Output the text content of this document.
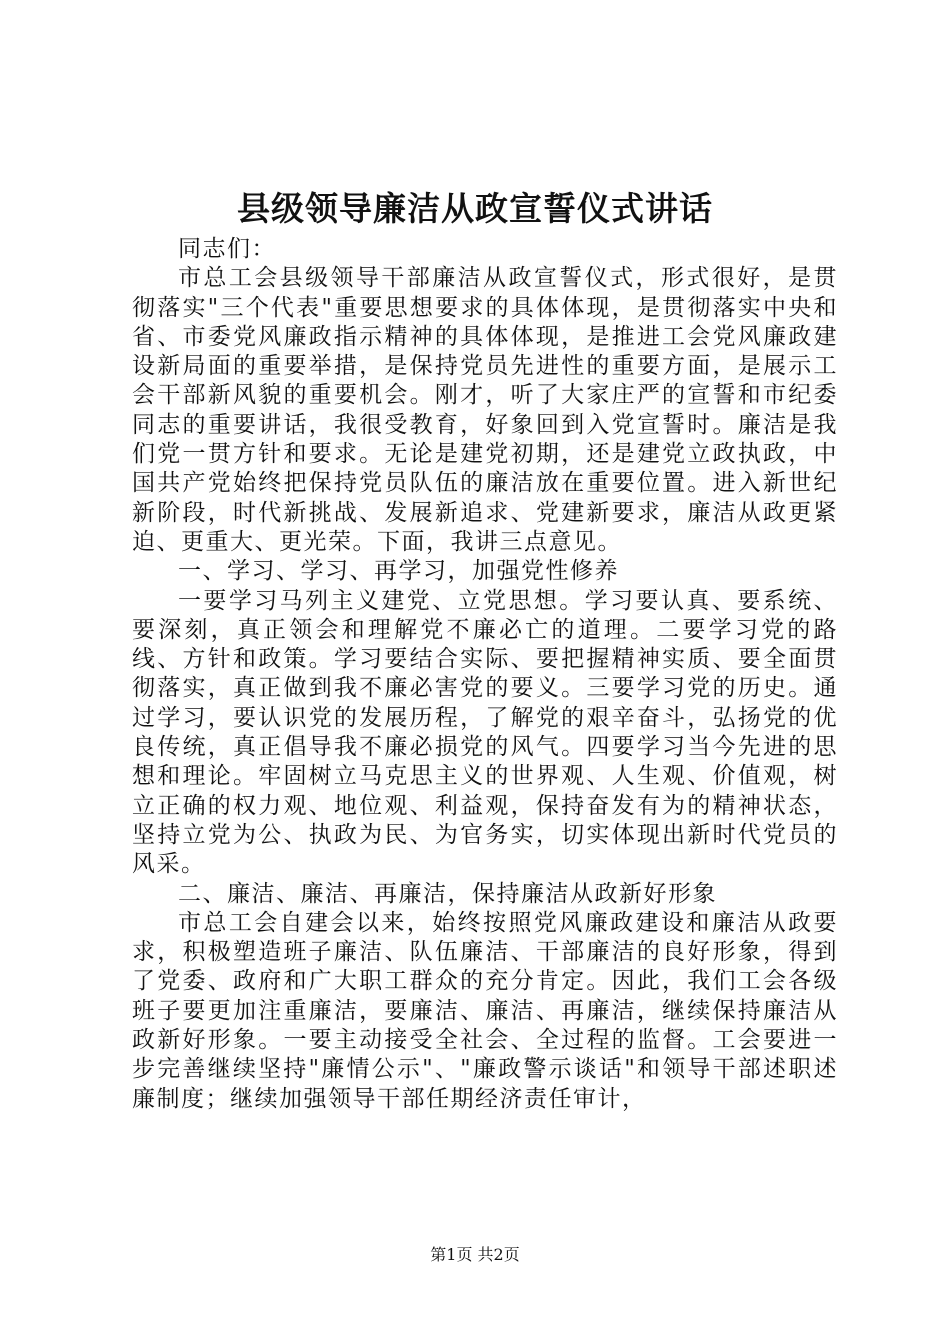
县级领导廉洁从政宣誓仪式讲话

同志们：

市总工会县级领导干部廉洁从政宣誓仪式，形式很好，是贯彻落实"三个代表"重要思想要求的具体体现，是贯彻落实中央和省、市委党风廉政指示精神的具体体现，是推进工会党风廉政建设新局面的重要举措，是保持党员先进性的重要方面，是展示工会干部新风貌的重要机会。刚才，听了大家庄严的宣誓和市纪委同志的重要讲话，我很受教育，好象回到入党宣誓时。廉洁是我们党一贯方针和要求。无论是建党初期，还是建党立政执政，中国共产党始终把保持党员队伍的廉洁放在重要位置。进入新世纪新阶段，时代新挑战、发展新追求、党建新要求，廉洁从政更紧迫、更重大、更光荣。下面，我讲三点意见。

一、学习、学习、再学习，加强党性修养

一要学习马列主义建党、立党思想。学习要认真、要系统、要深刻，真正领会和理解党不廉必亡的道理。二要学习党的路线、方针和政策。学习要结合实际、要把握精神实质、要全面贯彻落实，真正做到我不廉必害党的要义。三要学习党的历史。通过学习，要认识党的发展历程，了解党的艰辛奋斗，弘扬党的优良传统，真正倡导我不廉必损党的风气。四要学习当今先进的思想和理论。牢固树立马克思主义的世界观、人生观、价值观，树立正确的权力观、地位观、利益观，保持奋发有为的精神状态，坚持立党为公、执政为民、为官务实，切实体现出新时代党员的风采。

二、廉洁、廉洁、再廉洁，保持廉洁从政新好形象

市总工会自建会以来，始终按照党风廉政建设和廉洁从政要求，积极塑造班子廉洁、队伍廉洁、干部廉洁的良好形象，得到了党委、政府和广大职工群众的充分肯定。因此，我们工会各级班子要更加注重廉洁，要廉洁、廉洁、再廉洁，继续保持廉洁从政新好形象。一要主动接受全社会、全过程的监督。工会要进一步完善继续坚持"廉情公示"、"廉政警示谈话"和领导干部述职述廉制度；继续加强领导干部任期经济责任审计，

第1页 共2页
